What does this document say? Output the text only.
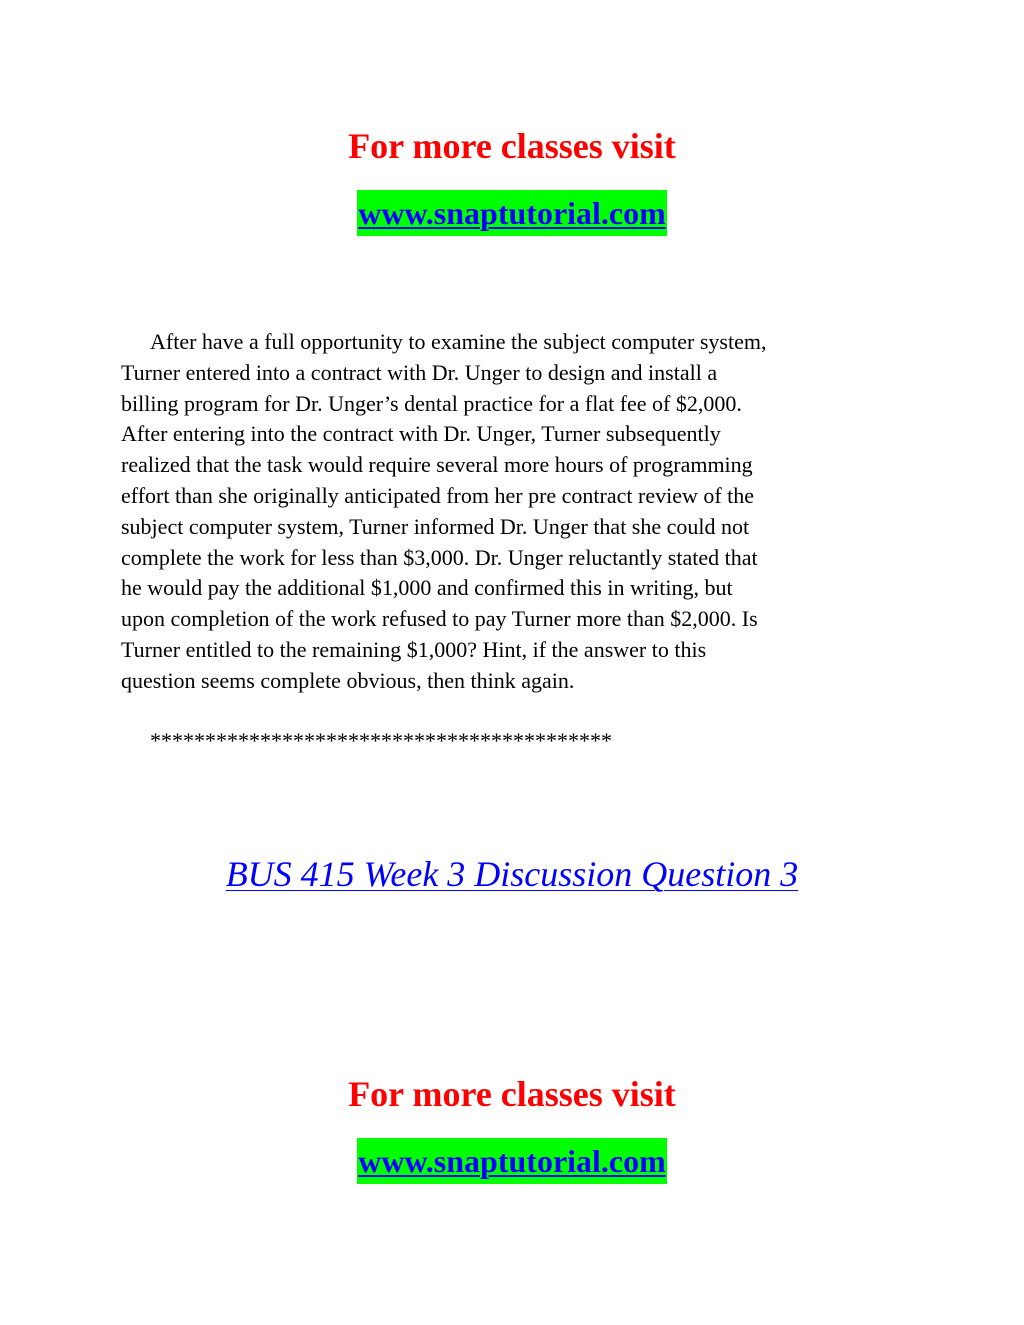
For more classes visit
www.snaptutorial.com
After have a full opportunity to examine the subject computer system,
Turner entered into a contract with Dr. Unger to design and install a
billing program for Dr. Unger’s dental practice for a flat fee of $2,000.
After entering into the contract with Dr. Unger, Turner subsequently
realized that the task would require several more hours of programming
effort than she originally anticipated from her pre contract review of the
subject computer system, Turner informed Dr. Unger that she could not
complete the work for less than $3,000. Dr. Unger reluctantly stated that
he would pay the additional $1,000 and confirmed this in writing, but
upon completion of the work refused to pay Turner more than $2,000. Is
Turner entitled to the remaining $1,000? Hint, if the answer to this
question seems complete obvious, then think again.
******************************************
BUS 415 Week 3 Discussion Question 3
For more classes visit
www.snaptutorial.com
